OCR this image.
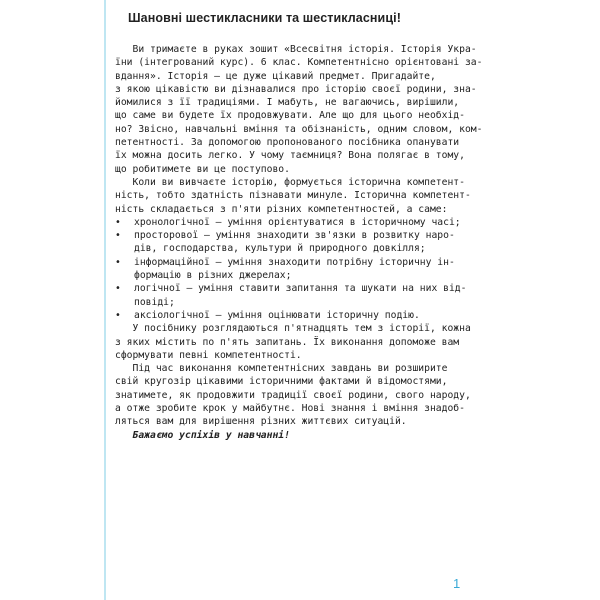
Шановні шестикласники та шестикласниці!
Ви тримаєте в руках зошит «Всесвітня історія. Історія Укра-
їни (інтегрований курс). 6 клас. Компетентнісно орієнтовані за-
вдання». Історія — це дуже цікавий предмет. Пригадайте,
з якою цікавістю ви дізнавалися про історію своєї родини, зна-
йомилися з її традиціями. І мабуть, не вагаючись, вирішили,
що саме ви будете їх продовжувати. Але що для цього необхід-
но? Звісно, навчальні вміння та обізнаність, одним словом, ком-
петентності. За допомогою пропонованого посібника опанувати
їх можна досить легко. У чому таємниця? Вона полягає в тому,
що робитимете ви це поступово.
Коли ви вивчаєте історію, формується історична компетент-
ність, тобто здатність пізнавати минуле. Історична компетент-
ність складається з п'яти різних компетентностей, а саме:
• хронологічної — уміння орієнтуватися в історичному часі;
• просторової — уміння знаходити зв'язки в розвитку наро-
дів, господарства, культури й природного довкілля;
• інформаційної — уміння знаходити потрібну історичну ін-
формацію в різних джерелах;
• логічної — уміння ставити запитання та шукати на них від-
повіді;
• аксіологічної — уміння оцінювати історичну подію.
У посібнику розглядаються п'ятнадцять тем з історії, кожна
з яких містить по п'ять запитань. Їх виконання допоможе вам
сформувати певні компетентності.
Під час виконання компетентнісних завдань ви розширите
свій кругозір цікавими історичними фактами й відомостями,
знатимете, як продовжити традиції своєї родини, свого народу,
а отже зробите крок у майбутнє. Нові знання і вміння знадоб-
ляться вам для вирішення різних життєвих ситуацій.
Бажаємо успіхів у навчанні!
1
